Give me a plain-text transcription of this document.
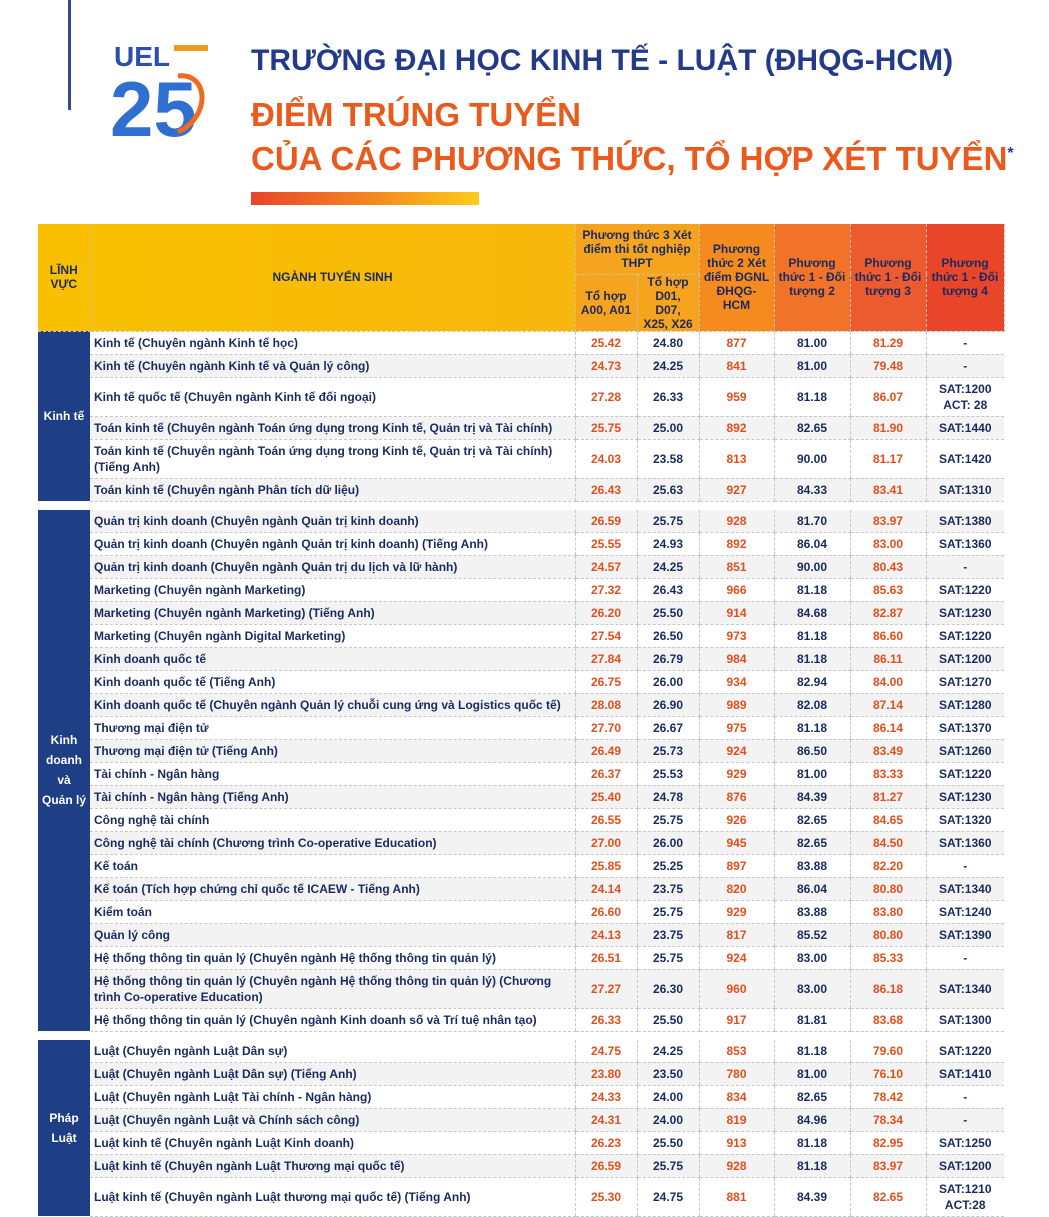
UEL
25
TRƯỜNG ĐẠI HỌC KINH TẾ - LUẬT (ĐHQG-HCM)
ĐIỂM TRÚNG TUYỂN
CỦA CÁC PHƯƠNG THỨC, TỔ HỢP XÉT TUYỂN*
LĨNH VỰC	NGÀNH TUYỂN SINH	Phương thức 3 Xét điểm thi tốt nghiệp THPT		Phương thức 2 Xét điểm ĐGNL ĐHQG-HCM	Phương thức 1 - Đối tượng 2	Phương thức 1 - Đối tượng 3	Phương thức 1 - Đối tượng 4
		Tổ hợp A00, A01	Tổ hợp D01, D07, X25, X26				
Kinh tế	Kinh tế (Chuyên ngành Kinh tế học)	25.42	24.80	877	81.00	81.29	-
	Kinh tế (Chuyên ngành Kinh tế và Quản lý công)	24.73	24.25	841	81.00	79.48	-
	Kinh tế quốc tế (Chuyên ngành Kinh tế đối ngoại)	27.28	26.33	959	81.18	86.07	SAT:1200 ACT: 28
	Toán kinh tế (Chuyên ngành Toán ứng dụng trong Kinh tế, Quản trị và Tài chính)	25.75	25.00	892	82.65	81.90	SAT:1440
	Toán kinh tế (Chuyên ngành Toán ứng dụng trong Kinh tế, Quản trị và Tài chính) (Tiếng Anh)	24.03	23.58	813	90.00	81.17	SAT:1420
	Toán kinh tế (Chuyên ngành Phân tích dữ liệu)	26.43	25.63	927	84.33	83.41	SAT:1310

Kinh doanh và Quản lý	Quản trị kinh doanh (Chuyên ngành Quản trị kinh doanh)	26.59	25.75	928	81.70	83.97	SAT:1380
	Quản trị kinh doanh (Chuyên ngành Quản trị kinh doanh) (Tiếng Anh)	25.55	24.93	892	86.04	83.00	SAT:1360
	Quản trị kinh doanh (Chuyên ngành Quản trị du lịch và lữ hành)	24.57	24.25	851	90.00	80.43	-
	Marketing (Chuyên ngành Marketing)	27.32	26.43	966	81.18	85.63	SAT:1220
	Marketing (Chuyên ngành Marketing) (Tiếng Anh)	26.20	25.50	914	84.68	82.87	SAT:1230
	Marketing (Chuyên ngành Digital Marketing)	27.54	26.50	973	81.18	86.60	SAT:1220
	Kinh doanh quốc tế	27.84	26.79	984	81.18	86.11	SAT:1200
	Kinh doanh quốc tế (Tiếng Anh)	26.75	26.00	934	82.94	84.00	SAT:1270
	Kinh doanh quốc tế (Chuyên ngành Quản lý chuỗi cung ứng và Logistics quốc tế)	28.08	26.90	989	82.08	87.14	SAT:1280
	Thương mại điện tử	27.70	26.67	975	81.18	86.14	SAT:1370
	Thương mại điện tử (Tiếng Anh)	26.49	25.73	924	86.50	83.49	SAT:1260
	Tài chính - Ngân hàng	26.37	25.53	929	81.00	83.33	SAT:1220
	Tài chính - Ngân hàng (Tiếng Anh)	25.40	24.78	876	84.39	81.27	SAT:1230
	Công nghệ tài chính	26.55	25.75	926	82.65	84.65	SAT:1320
	Công nghệ tài chính (Chương trình Co-operative Education)	27.00	26.00	945	82.65	84.50	SAT:1360
	Kế toán	25.85	25.25	897	83.88	82.20	-
	Kế toán (Tích hợp chứng chỉ quốc tế ICAEW - Tiếng Anh)	24.14	23.75	820	86.04	80.80	SAT:1340
	Kiểm toán	26.60	25.75	929	83.88	83.80	SAT:1240
	Quản lý công	24.13	23.75	817	85.52	80.80	SAT:1390
	Hệ thống thông tin quản lý (Chuyên ngành Hệ thống thông tin quản lý)	26.51	25.75	924	83.00	85.33	-
	Hệ thống thông tin quản lý (Chuyên ngành Hệ thống thông tin quản lý) (Chương trình Co-operative Education)	27.27	26.30	960	83.00	86.18	SAT:1340
	Hệ thống thông tin quản lý (Chuyên ngành Kinh doanh số và Trí tuệ nhân tạo)	26.33	25.50	917	81.81	83.68	SAT:1300

Pháp Luật	Luật (Chuyên ngành Luật Dân sự)	24.75	24.25	853	81.18	79.60	SAT:1220
	Luật (Chuyên ngành Luật Dân sự) (Tiếng Anh)	23.80	23.50	780	81.00	76.10	SAT:1410
	Luật (Chuyên ngành Luật Tài chính - Ngân hàng)	24.33	24.00	834	82.65	78.42	-
	Luật (Chuyên ngành Luật và Chính sách công)	24.31	24.00	819	84.96	78.34	-
	Luật kinh tế (Chuyên ngành Luật Kinh doanh)	26.23	25.50	913	81.18	82.95	SAT:1250
	Luật kinh tế (Chuyên ngành Luật Thương mại quốc tế)	26.59	25.75	928	81.18	83.97	SAT:1200
	Luật kinh tế (Chuyên ngành Luật thương mại quốc tế) (Tiếng Anh)	25.30	24.75	881	84.39	82.65	SAT:1210 ACT:28
